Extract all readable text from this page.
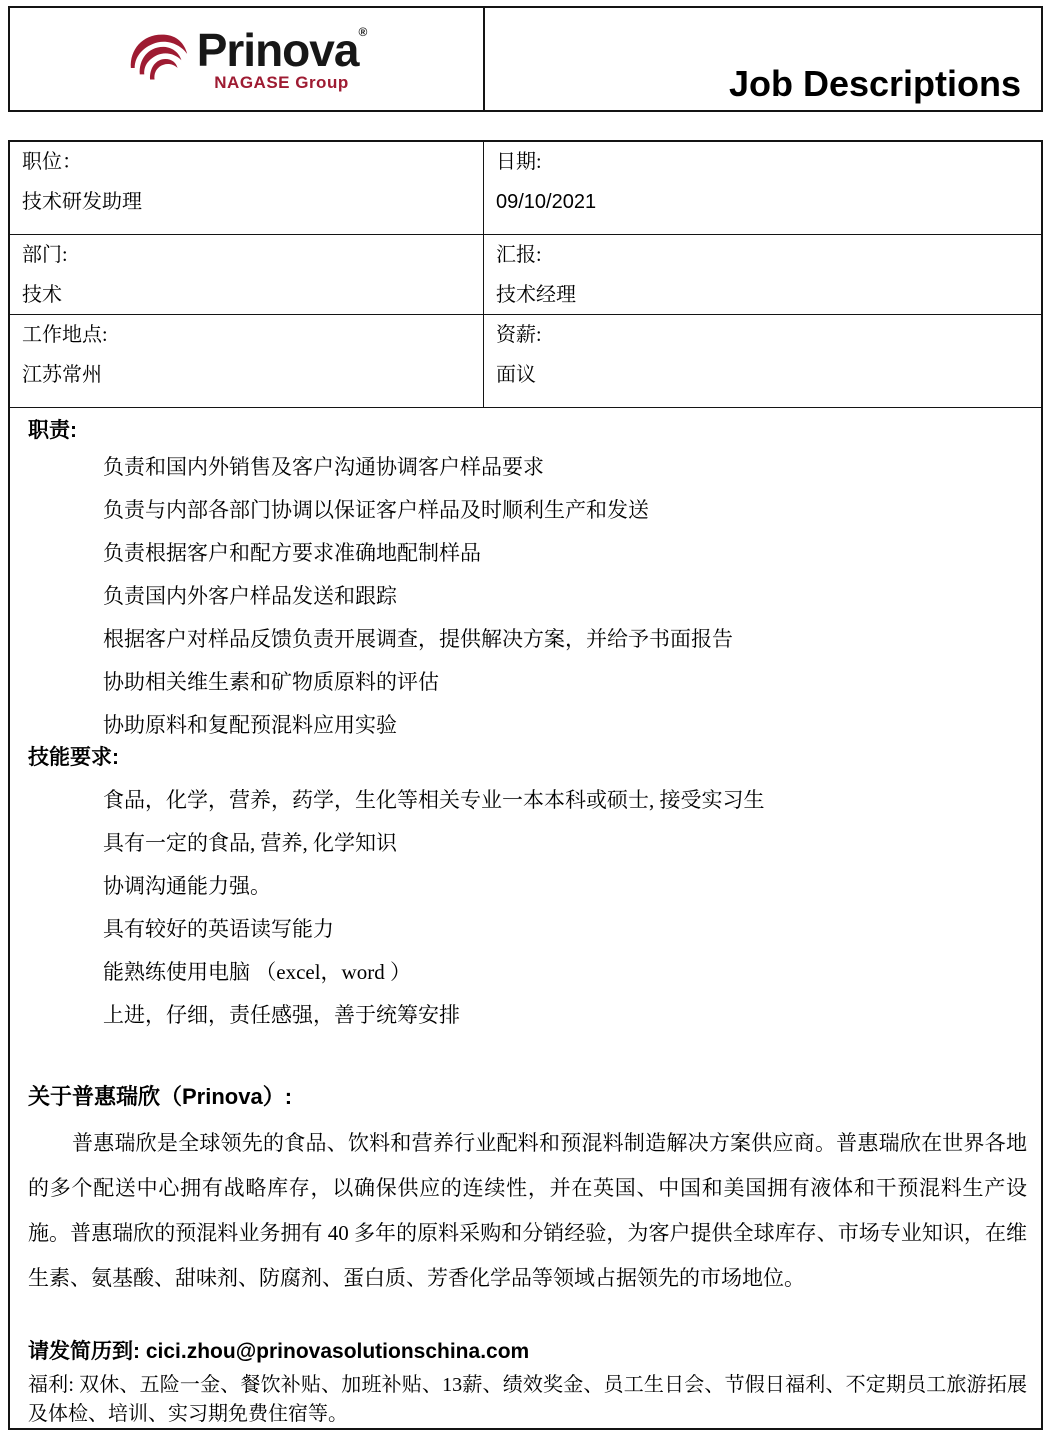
Prinova®
NAGASE Group	Job Descriptions
职位：
技术研发助理
日期:
09/10/2021
部门:
技术
汇报:
技术经理
工作地点:
江苏常州
资薪:
面议
职责:
负责和国内外销售及客户沟通协调客户样品要求
负责与内部各部门协调以保证客户样品及时顺利生产和发送
负责根据客户和配方要求准确地配制样品
负责国内外客户样品发送和跟踪
根据客户对样品反馈负责开展调查，提供解决方案，并给予书面报告
协助相关维生素和矿物质原料的评估
协助原料和复配预混料应用实验
技能要求:
食品，化学，营养，药学，生化等相关专业一本本科或硕士, 接受实习生
具有一定的食品, 营养, 化学知识
协调沟通能力强。
具有较好的英语读写能力
能熟练使用电脑 （excel，word ）
上进，仔细，责任感强，善于统筹安排
关于普惠瑞欣（Prinova）:
普惠瑞欣是全球领先的食品、饮料和营养行业配料和预混料制造解决方案供应商。普惠瑞欣在世界各地的多个配送中心拥有战略库存，以确保供应的连续性，并在英国、中国和美国拥有液体和干预混料生产设施。普惠瑞欣的预混料业务拥有 40 多年的原料采购和分销经验，为客户提供全球库存、市场专业知识，在维生素、氨基酸、甜味剂、防腐剂、蛋白质、芳香化学品等领域占据领先的市场地位。
请发简历到: cici.zhou@prinovasolutionschina.com
福利: 双休、五险一金、餐饮补贴、加班补贴、13薪、绩效奖金、员工生日会、节假日福利、不定期员工旅游拓展及体检、培训、实习期免费住宿等。
